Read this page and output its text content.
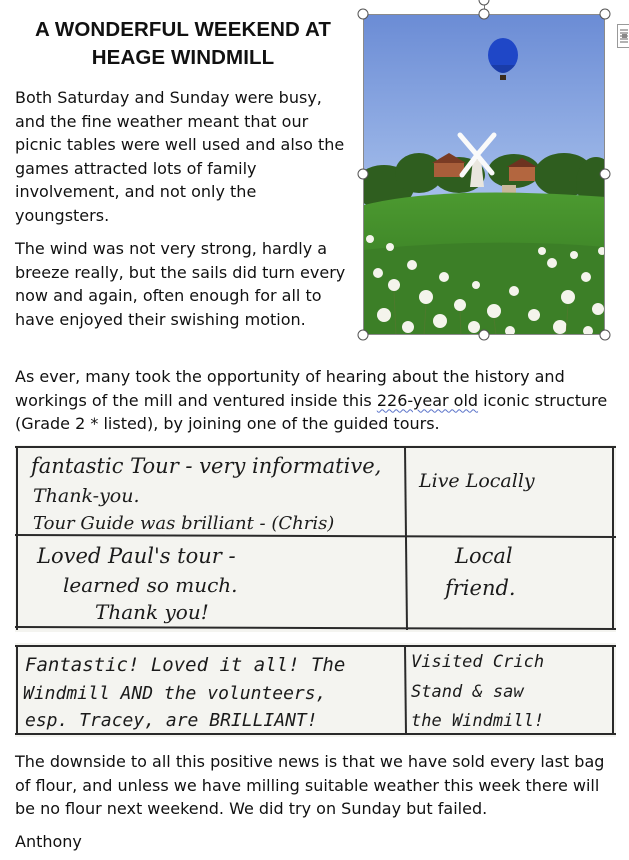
A WONDERFUL WEEKEND AT
HEAGE WINDMILL

Both Saturday and Sunday were busy, and the fine weather meant that our picnic tables were well used and also the games attracted lots of family involvement, and not only the youngsters.

The wind was not very strong, hardly a breeze really, but the sails did turn every now and again, often enough for all to have enjoyed their swishing motion.

As ever, many took the opportunity of hearing about the history and workings of the mill and ventured inside this 226-year old iconic structure (Grade 2 * listed), by joining one of the guided tours.

fantastic Tour - very informative,
Thank-you.
Tour Guide was brilliant - (Chris)
Live Locally
Loved Paul's tour -
learned so much.
Thank you!
Local
friend.
Fantastic! Loved it all! The
Windmill AND the volunteers,
esp. Tracey, are BRILLIANT!
Visited Crich
Stand & saw
the Windmill!

The downside to all this positive news is that we have sold every last bag of flour, and unless we have milling suitable weather this week there will be no flour next weekend. We did try on Sunday but failed.

Anthony
